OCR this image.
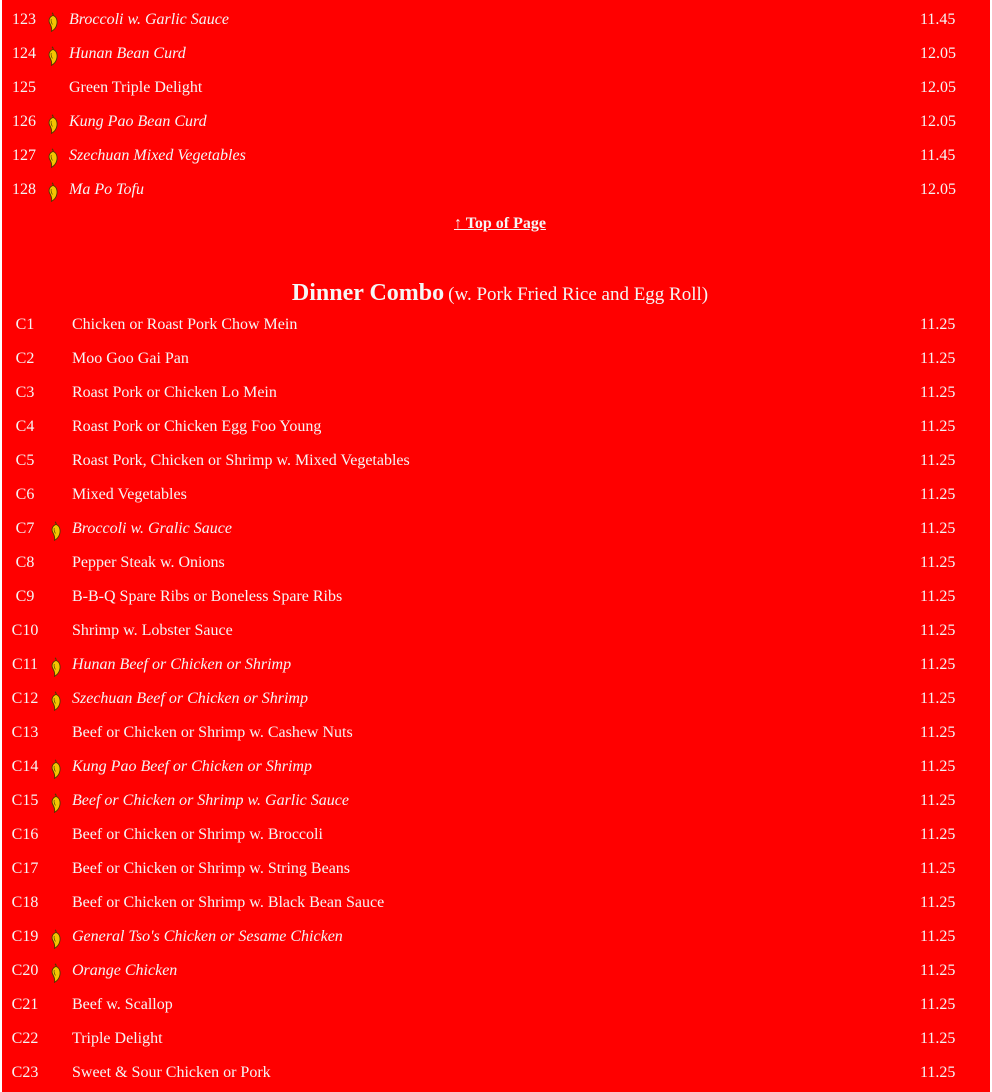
123	Broccoli w. Garlic Sauce	11.45
124	Hunan Bean Curd	12.05
125	Green Triple Delight	12.05
126	Kung Pao Bean Curd	12.05
127	Szechuan Mixed Vegetables	11.45
128	Ma Po Tofu	12.05
↑ Top of Page
Dinner Combo (w. Pork Fried Rice and Egg Roll)
C1	Chicken or Roast Pork Chow Mein	11.25
C2	Moo Goo Gai Pan	11.25
C3	Roast Pork or Chicken Lo Mein	11.25
C4	Roast Pork or Chicken Egg Foo Young	11.25
C5	Roast Pork, Chicken or Shrimp w. Mixed Vegetables	11.25
C6	Mixed Vegetables	11.25
C7	Broccoli w. Gralic Sauce	11.25
C8	Pepper Steak w. Onions	11.25
C9	B-B-Q Spare Ribs or Boneless Spare Ribs	11.25
C10	Shrimp w. Lobster Sauce	11.25
C11	Hunan Beef or Chicken or Shrimp	11.25
C12	Szechuan Beef or Chicken or Shrimp	11.25
C13	Beef or Chicken or Shrimp w. Cashew Nuts	11.25
C14	Kung Pao Beef or Chicken or Shrimp	11.25
C15	Beef or Chicken or Shrimp w. Garlic Sauce	11.25
C16	Beef or Chicken or Shrimp w. Broccoli	11.25
C17	Beef or Chicken or Shrimp w. String Beans	11.25
C18	Beef or Chicken or Shrimp w. Black Bean Sauce	11.25
C19	General Tso's Chicken or Sesame Chicken	11.25
C20	Orange Chicken	11.25
C21	Beef w. Scallop	11.25
C22	Triple Delight	11.25
C23	Sweet & Sour Chicken or Pork	11.25
